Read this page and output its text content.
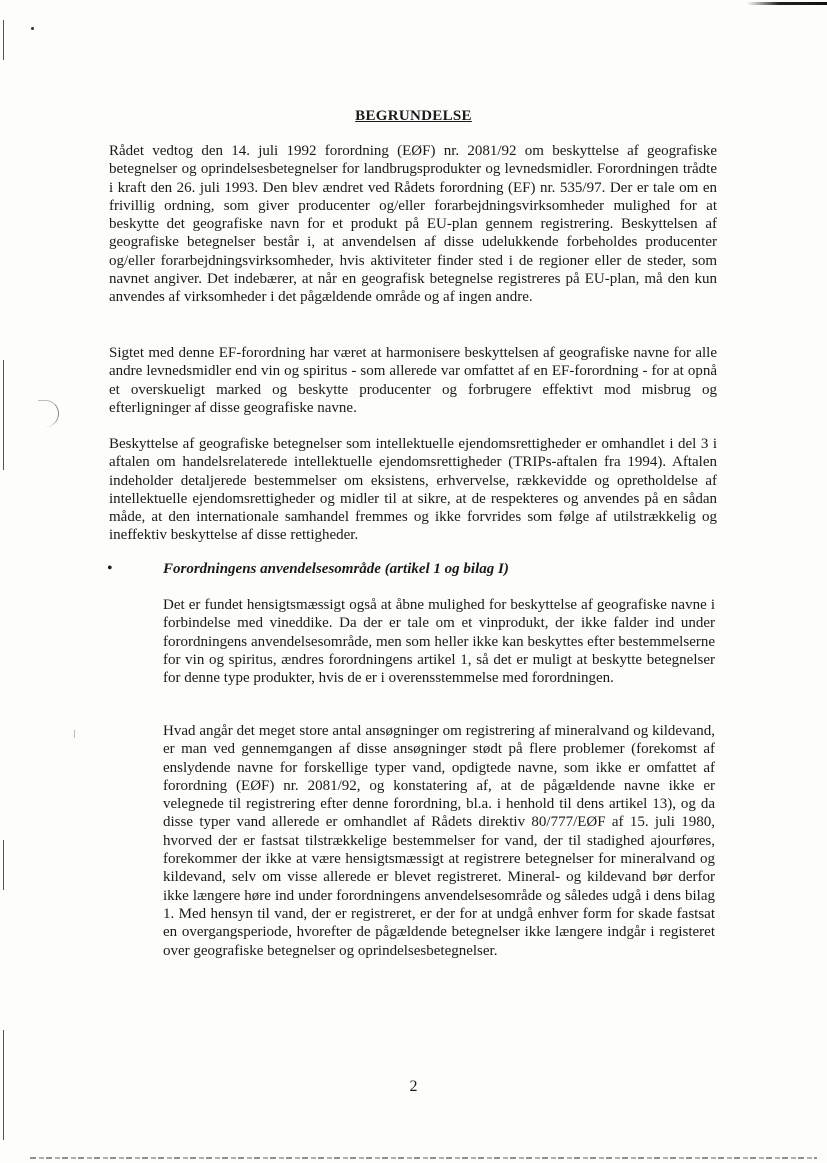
BEGRUNDELSE

Rådet vedtog den 14. juli 1992 forordning (EØF) nr. 2081/92 om beskyttelse af geografiske betegnelser og oprindelsesbetegnelser for landbrugsprodukter og levnedsmidler. Forordningen trådte i kraft den 26. juli 1993. Den blev ændret ved Rådets forordning (EF) nr. 535/97. Der er tale om en frivillig ordning, som giver producenter og/eller forarbejdningsvirksomheder mulighed for at beskytte det geografiske navn for et produkt på EU-plan gennem registrering. Beskyttelsen af geografiske betegnelser består i, at anvendelsen af disse udelukkende forbeholdes producenter og/eller forarbejdningsvirksomheder, hvis aktiviteter finder sted i de regioner eller de steder, som navnet angiver. Det indebærer, at når en geografisk betegnelse registreres på EU-plan, må den kun anvendes af virksomheder i det pågældende område og af ingen andre.

Sigtet med denne EF-forordning har været at harmonisere beskyttelsen af geografiske navne for alle andre levnedsmidler end vin og spiritus - som allerede var omfattet af en EF-forordning - for at opnå et overskueligt marked og beskytte producenter og forbrugere effektivt mod misbrug og efterligninger af disse geografiske navne.

Beskyttelse af geografiske betegnelser som intellektuelle ejendomsrettigheder er omhandlet i del 3 i aftalen om handelsrelaterede intellektuelle ejendomsrettigheder (TRIPs-aftalen fra 1994). Aftalen indeholder detaljerede bestemmelser om eksistens, erhvervelse, rækkevidde og opretholdelse af intellektuelle ejendomsrettigheder og midler til at sikre, at de respekteres og anvendes på en sådan måde, at den internationale samhandel fremmes og ikke forvrides som følge af utilstrækkelig og ineffektiv beskyttelse af disse rettigheder.

•	Forordningens anvendelsesområde (artikel 1 og bilag I)

Det er fundet hensigtsmæssigt også at åbne mulighed for beskyttelse af geografiske navne i forbindelse med vineddike. Da der er tale om et vinprodukt, der ikke falder ind under forordningens anvendelsesområde, men som heller ikke kan beskyttes efter bestemmelserne for vin og spiritus, ændres forordningens artikel 1, så det er muligt at beskytte betegnelser for denne type produkter, hvis de er i overensstemmelse med forordningen.

Hvad angår det meget store antal ansøgninger om registrering af mineralvand og kildevand, er man ved gennemgangen af disse ansøgninger stødt på flere problemer (forekomst af enslydende navne for forskellige typer vand, opdigtede navne, som ikke er omfattet af forordning (EØF) nr. 2081/92, og konstatering af, at de pågældende navne ikke er velegnede til registrering efter denne forordning, bl.a. i henhold til dens artikel 13), og da disse typer vand allerede er omhandlet af Rådets direktiv 80/777/EØF af 15. juli 1980, hvorved der er fastsat tilstrækkelige bestemmelser for vand, der til stadighed ajourføres, forekommer der ikke at være hensigtsmæssigt at registrere betegnelser for mineralvand og kildevand, selv om visse allerede er blevet registreret. Mineral- og kildevand bør derfor ikke længere høre ind under forordningens anvendelsesområde og således udgå i dens bilag 1. Med hensyn til vand, der er registreret, er der for at undgå enhver form for skade fastsat en overgangsperiode, hvorefter de pågældende betegnelser ikke længere indgår i registeret over geografiske betegnelser og oprindelsesbetegnelser.

2
